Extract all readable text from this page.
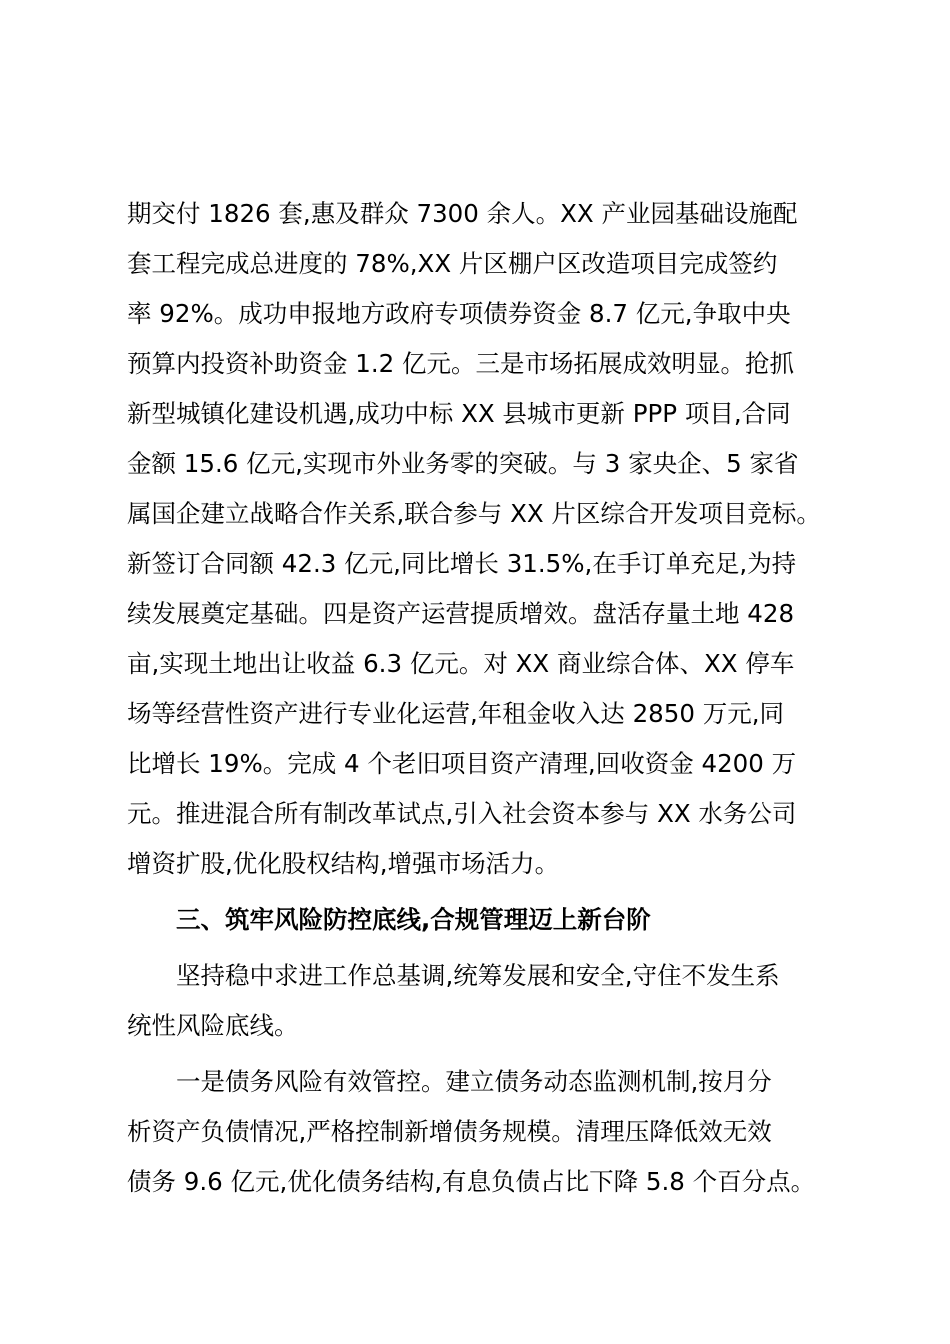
期交付 1826 套,惠及群众 7300 余人。XX 产业园基础设施配
套工程完成总进度的 78%,XX 片区棚户区改造项目完成签约
率 92%。成功申报地方政府专项债券资金 8.7 亿元,争取中央
预算内投资补助资金 1.2 亿元。三是市场拓展成效明显。抢抓
新型城镇化建设机遇,成功中标 XX 县城市更新 PPP 项目,合同
金额 15.6 亿元,实现市外业务零的突破。与 3 家央企、5 家省
属国企建立战略合作关系,联合参与 XX 片区综合开发项目竞标。
新签订合同额 42.3 亿元,同比增长 31.5%,在手订单充足,为持
续发展奠定基础。四是资产运营提质增效。盘活存量土地 428
亩,实现土地出让收益 6.3 亿元。对 XX 商业综合体、XX 停车
场等经营性资产进行专业化运营,年租金收入达 2850 万元,同
比增长 19%。完成 4 个老旧项目资产清理,回收资金 4200 万
元。推进混合所有制改革试点,引入社会资本参与 XX 水务公司
增资扩股,优化股权结构,增强市场活力。
三、筑牢风险防控底线,合规管理迈上新台阶
坚持稳中求进工作总基调,统筹发展和安全,守住不发生系
统性风险底线。
一是债务风险有效管控。建立债务动态监测机制,按月分
析资产负债情况,严格控制新增债务规模。清理压降低效无效
债务 9.6 亿元,优化债务结构,有息负债占比下降 5.8 个百分点。
